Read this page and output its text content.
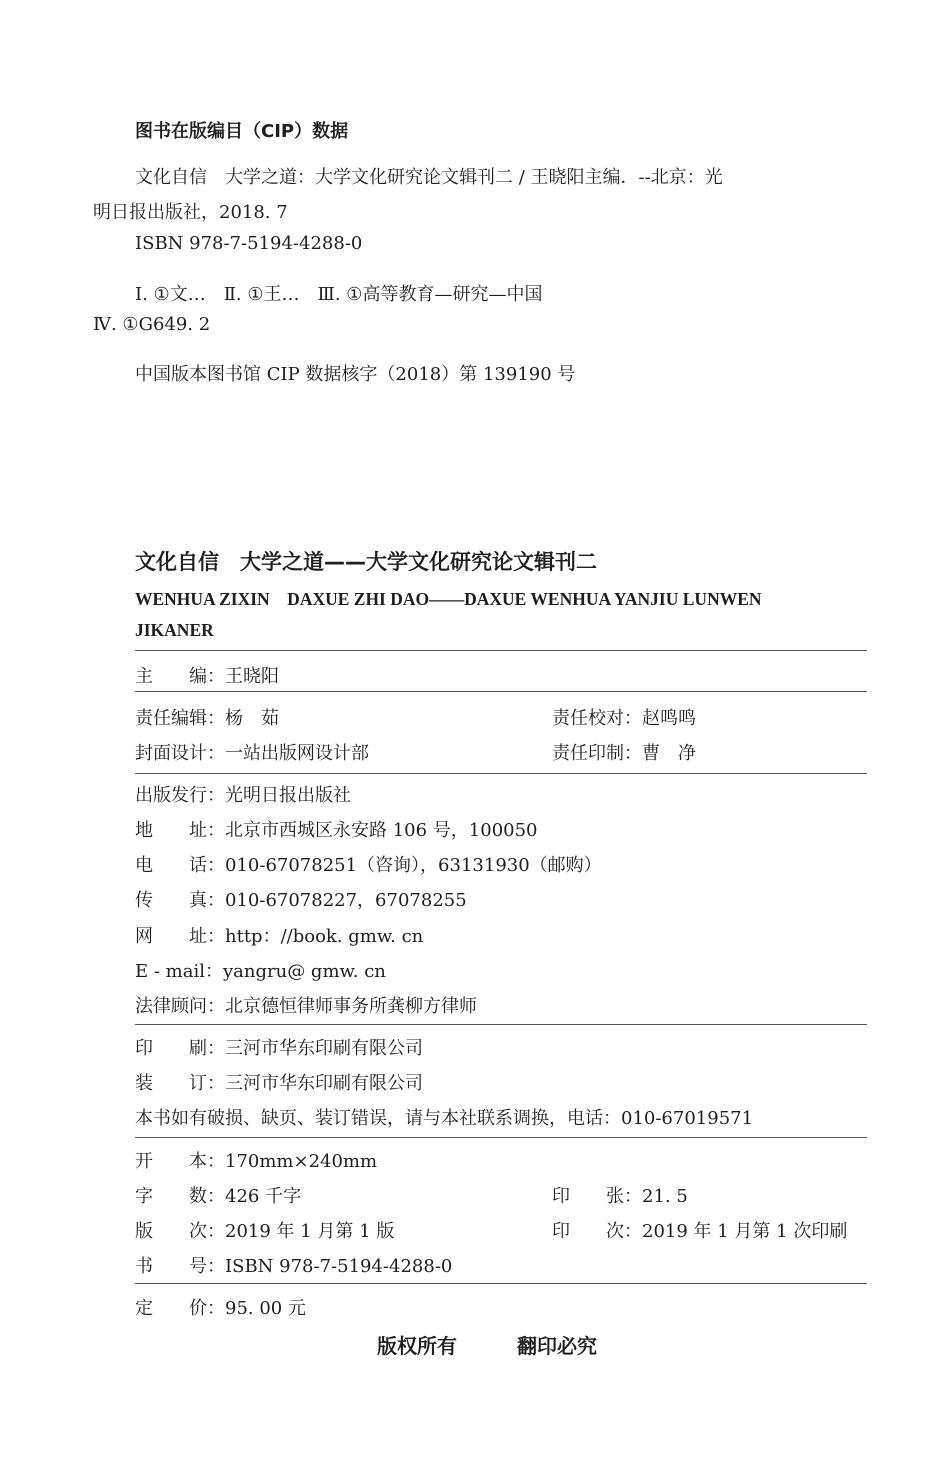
图书在版编目（CIP）数据
文化自信　大学之道：大学文化研究论文辑刊二 / 王晓阳主编．--北京：光
明日报出版社，2018. 7
ISBN 978-7-5194-4288-0
Ⅰ. ①文…　Ⅱ. ①王…　Ⅲ. ①高等教育—研究—中国
Ⅳ. ①G649. 2
中国版本图书馆 CIP 数据核字（2018）第 139190 号
文化自信　大学之道——大学文化研究论文辑刊二
WENHUA ZIXIN　DAXUE ZHI DAO——DAXUE WENHUA YANJIU LUNWEN
JIKANER
主　　编：王晓阳
责任编辑：杨　茹	责任校对：赵鸣鸣
封面设计：一站出版网设计部	责任印制：曹　净
出版发行：光明日报出版社
地　　址：北京市西城区永安路 106 号，100050
电　　话：010-67078251（咨询），63131930（邮购）
传　　真：010-67078227，67078255
网　　址：http：//book. gmw. cn
E - mail：yangru@ gmw. cn
法律顾问：北京德恒律师事务所龚柳方律师
印　　刷：三河市华东印刷有限公司
装　　订：三河市华东印刷有限公司
本书如有破损、缺页、装订错误，请与本社联系调换，电话：010-67019571
开　　本：170mm×240mm
字　　数：426 千字	印　　张：21. 5
版　　次：2019 年 1 月第 1 版	印　　次：2019 年 1 月第 1 次印刷
书　　号：ISBN 978-7-5194-4288-0
定　　价：95. 00 元
版权所有	翻印必究
